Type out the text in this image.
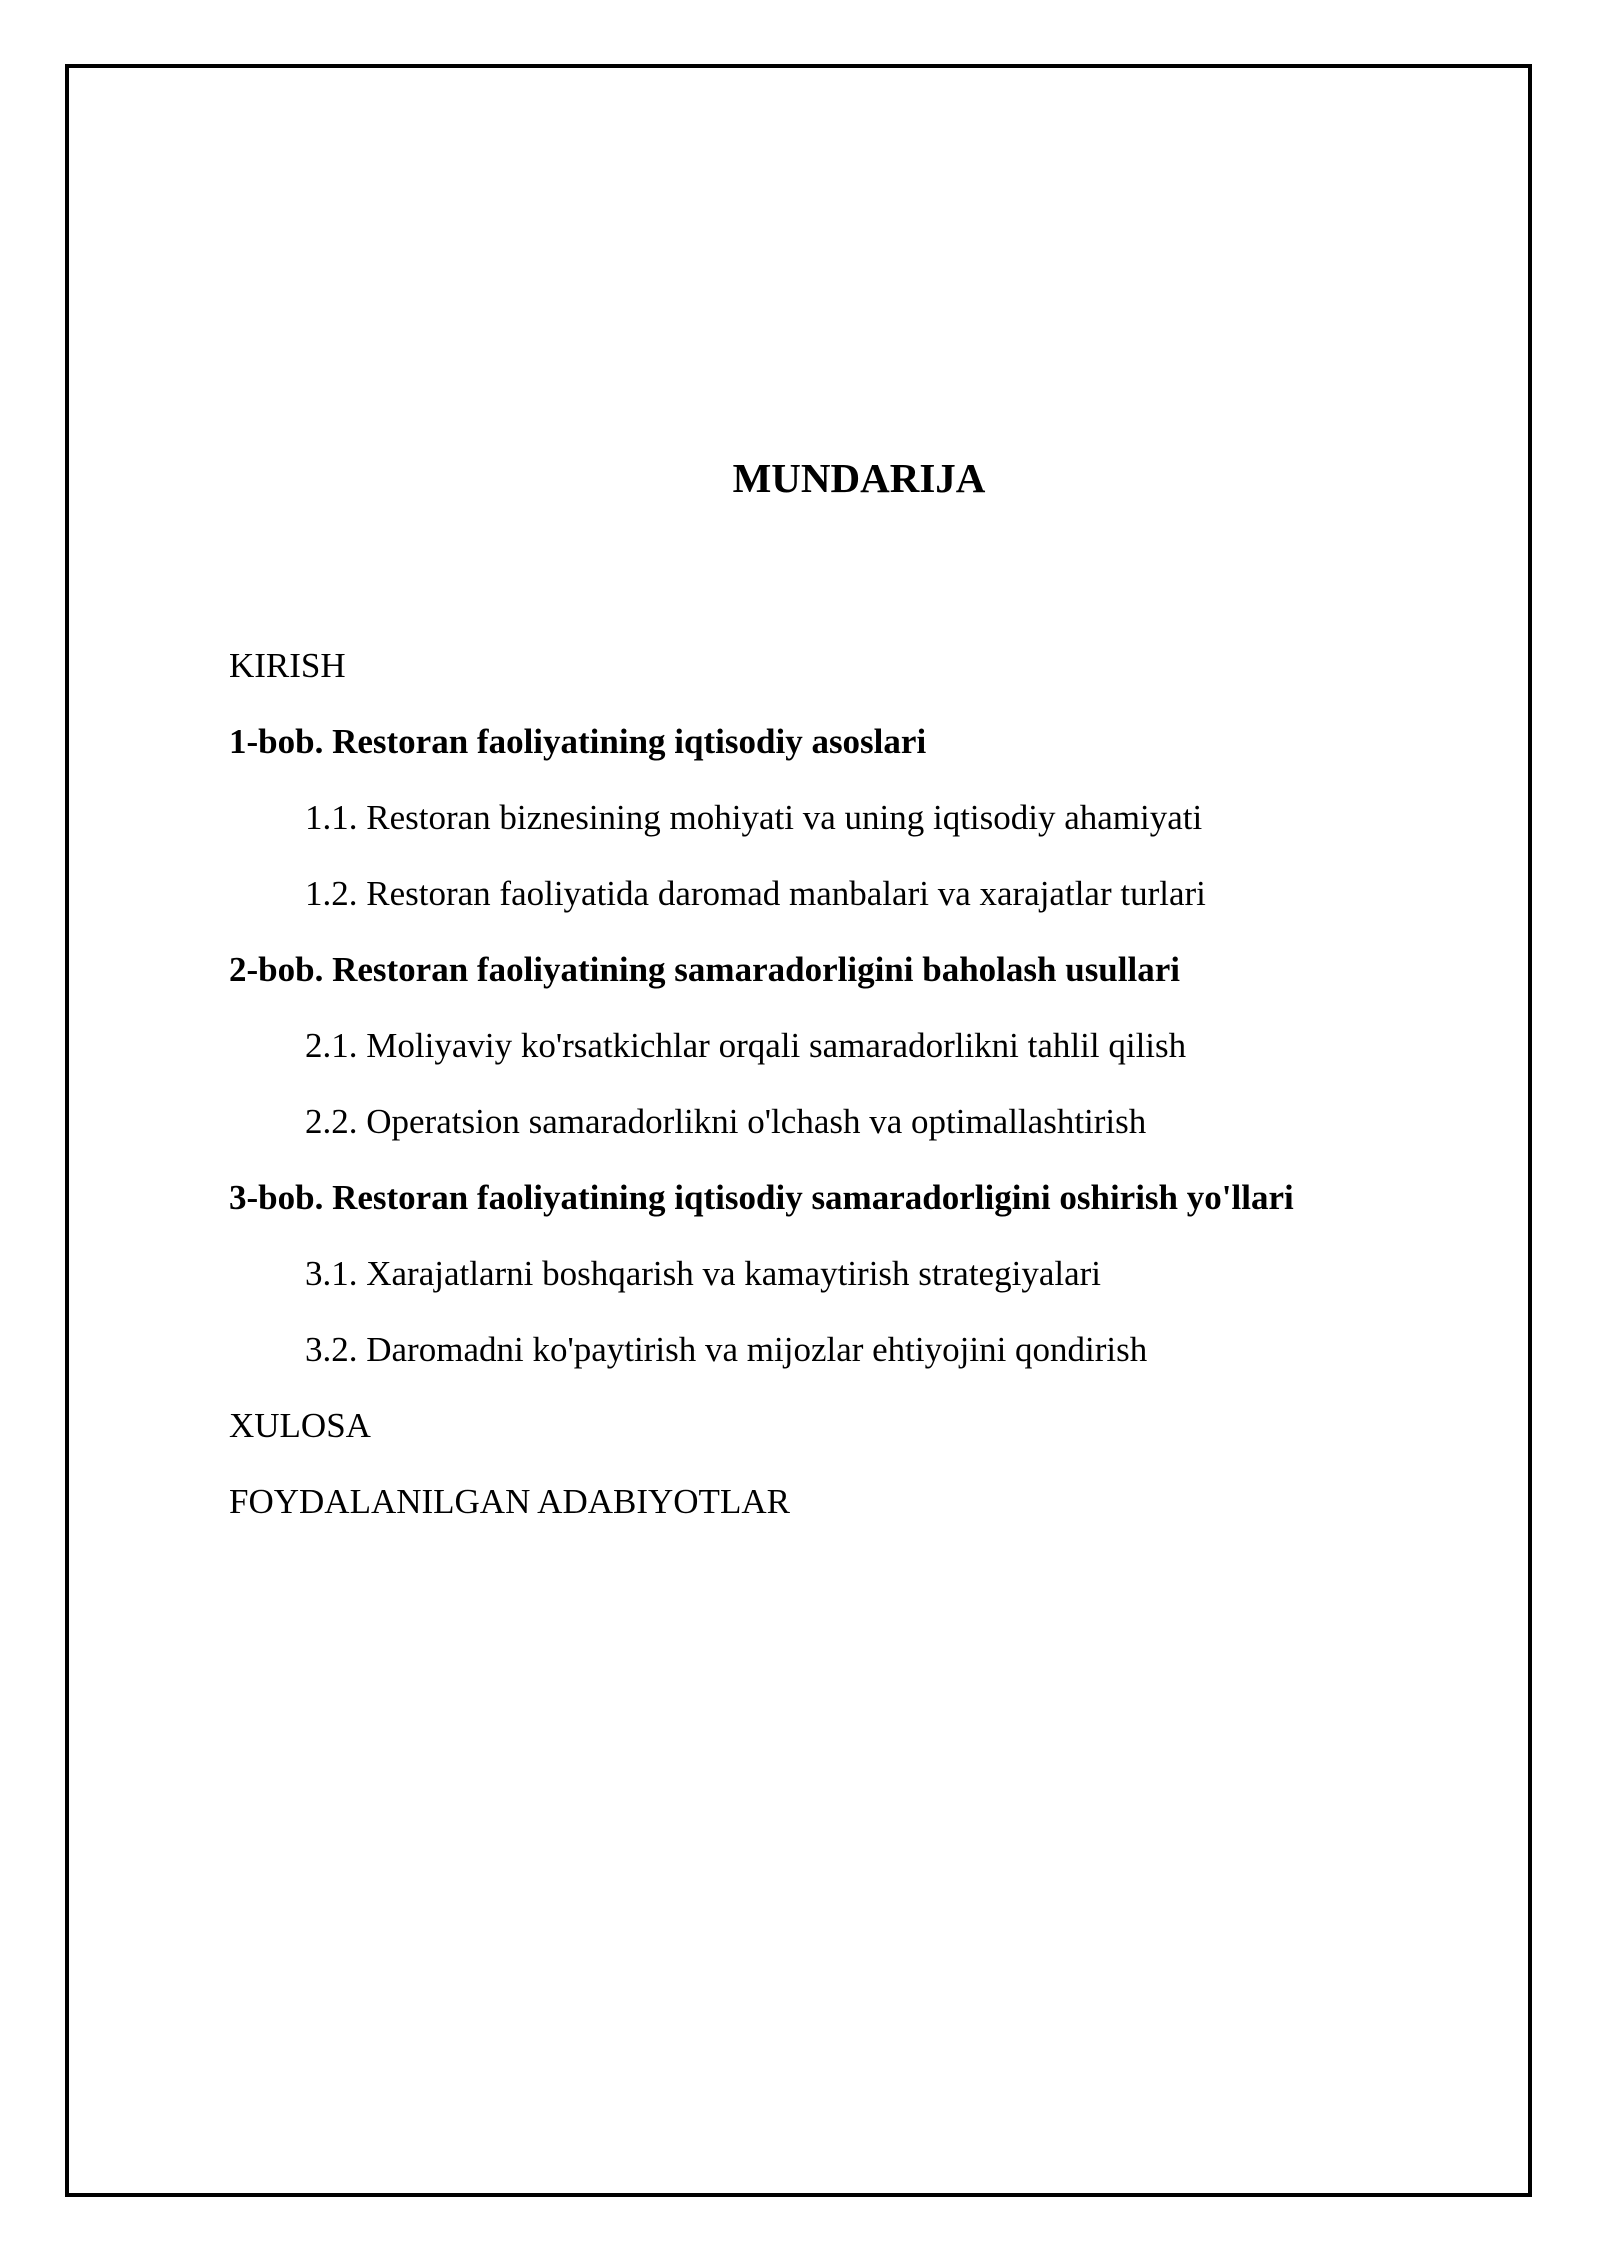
MUNDARIJA
KIRISH
1-bob. Restoran faoliyatining iqtisodiy asoslari
1.1. Restoran biznesining mohiyati va uning iqtisodiy ahamiyati
1.2. Restoran faoliyatida daromad manbalari va xarajatlar turlari
2-bob. Restoran faoliyatining samaradorligini baholash usullari
2.1. Moliyaviy ko'rsatkichlar orqali samaradorlikni tahlil qilish
2.2. Operatsion samaradorlikni o'lchash va optimallashtirish
3-bob. Restoran faoliyatining iqtisodiy samaradorligini oshirish yo'llari
3.1. Xarajatlarni boshqarish va kamaytirish strategiyalari
3.2. Daromadni ko'paytirish va mijozlar ehtiyojini qondirish
XULOSA
FOYDALANILGAN ADABIYOTLAR
